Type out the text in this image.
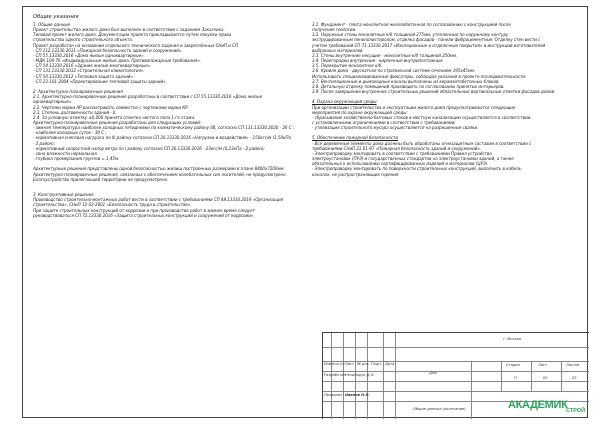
Общие указания
1. Общие данные
Проект строительства жилого дома был выполнен в соответствии с заданием Заказчика.
Типовой проект жилого дома. Документация проекта прикладывается путем покупки права
строительства одного строительного объекта.
Проект разработан на основании отдельного технического задания и закреплённых СНиП и СП
- СП 112.13330.2011 «Пожарная безопасность зданий и сооружений».
- СП 55.13330.2016 «Дома жилые одноквартирные».
- МДК 106-76 «Индивидуальные жилые дома. Противопожарные требования».
- СП 54.13330.2016 «Здания жилые многоквартирные».
- СП 131.13330.2012 «Строительная климатология».
- СП 50.13330.2012 «Тепловая защита зданий».
- СП 23-101-2004 «Проектирование тепловой защиты зданий».

2. Архитектурно-планировочные решения
2.1. Архитектурно-планировочные решения разработаны в соответствии с СП 55.13330.2016 «Дома жилые
одноквартирные».
2.2. Чертежи марки АР рассматривать совместно с чертежами марки КР.
2.3. Степень долговечности зданий - II.
2.4. За условную отметку ±0,000 принята отметка чистого пола 1-го этажа.
Архитектурно-планировочные решения разработаны для следующих условий:
- зимняя температура наиболее холодных пятидневки по климатическому району IIВ, согласно СП 131.13330.2020 - 26 С ;
- наиболее холодных суток - 30 С ;
- нормативная снеговая нагрузка по III району согласно СП 20.13330.2016 «Нагрузки и воздействия» - 150кгс/м (1,50кПа
- 3 район);
- нормативный скоростной напор ветра по I району согласно СП 20.13330.2016 - 23кгс/м (0,23кПа - 2 район);
- зона влажности нормальная.
- глубина промерзания грунтов = 1,45м.

Архитектурные решения представлены одной безопасностью жилищ построенных размерами в плане 8400х7200мм
Архитектурно-планировочные решения, связанных с обеспечением колебательных сил носителей, не предусмотрено
Благоустройство прилегающей территории не предусмотрено.

3. Конструктивные решения
Производство строительно-монтажных работ вести в соответствии с требованиями СП 48.13330.2019 «Организация
строительства», СНиП 12-03-2001 «Безопасность труда в строительстве».
При защите строительных конструкций от коррозии и при производстве работ в зимнее время следует
руководствоваться СП 72.13330.2016 «Защита строительных конструкций и сооружений от коррозии».
3.1. Фундамент - плита монолитная железобетонная по согласованию с конструкцией после
получения геологии.
3.2. Наружные стены монолитные к/б толщиной 275мм, утепленные по наружному контуру
экструдированным пенополистиролом, отделка фасадов - панели фиброцементные. Отделку стен вести с
учетом требований СП 71.13330.2017 «Изоляционные и отделочные покрытия» и инструкций изготовителей
выбранных материалов.
3.3. Стены внутренние несущие - монолитные к/б толщиной 250мм.
3.4. Перегородки внутренние - кирпичные внутрипоэтажные.
3.5. Перекрытие монолитное к/б.
3.6. Кровля дома - двускатная по стропильной системе сечением 195х45мм.
Использовать специализированные фиксаторы, соблюдая указания в проекте последовательности.
3.7. Вентиляционные и дымоходные каналы выполнены из керамзитобетонных блоков.
3.8. Детальную отделку помещений производить по согласованию принятых интерьеров.
3.9. После завершения внутренних строительных решений обязательные вертикальные отметки фасадов домов.

4. Охрана окружающей среды
При организации строительства и эксплуатации жилого дома предусматриваются следующие
мероприятия по охране окружающей среды:
- сбрасывание хозяйственно-бытовых стоков в местную канализацию осуществляется в соответствии
с установленными ограничениями в соответствии с требованиями;
- утилизация строительного мусора осуществляется на разрешенные свалки.

5. Обеспечение пожарной безопасности
- Все деревянные элементы дома должны быть обработаны огнезащитным составом в соответствии с
требованиями СНиП 21.01-97 «Пожарная безопасность зданий и сооружений».
- Электропроводку монтировать в соответствии с требованиями Правил устройства
электроустановок (ПУЭ) и государственных стандартов на электроустановки зданий, а также
обязательных к использованию сертифицированных изделий и материалов (ЦУЭ).
- Электропроводку монтировать по поверхности строительных конструкций, выполнить в кабель-
каналах, не распространяющих горения.
г. Москва
Изм. Кол.уч Лист № док. Подп. Дата
Разработал Нечипорук Д.Н.
Проверил Иванов Н.Н.
Дом
Стадия	Лист	Листов
П	02	22
Общие данные (окончание)	АКАДЕМИК
СТРОЙ
